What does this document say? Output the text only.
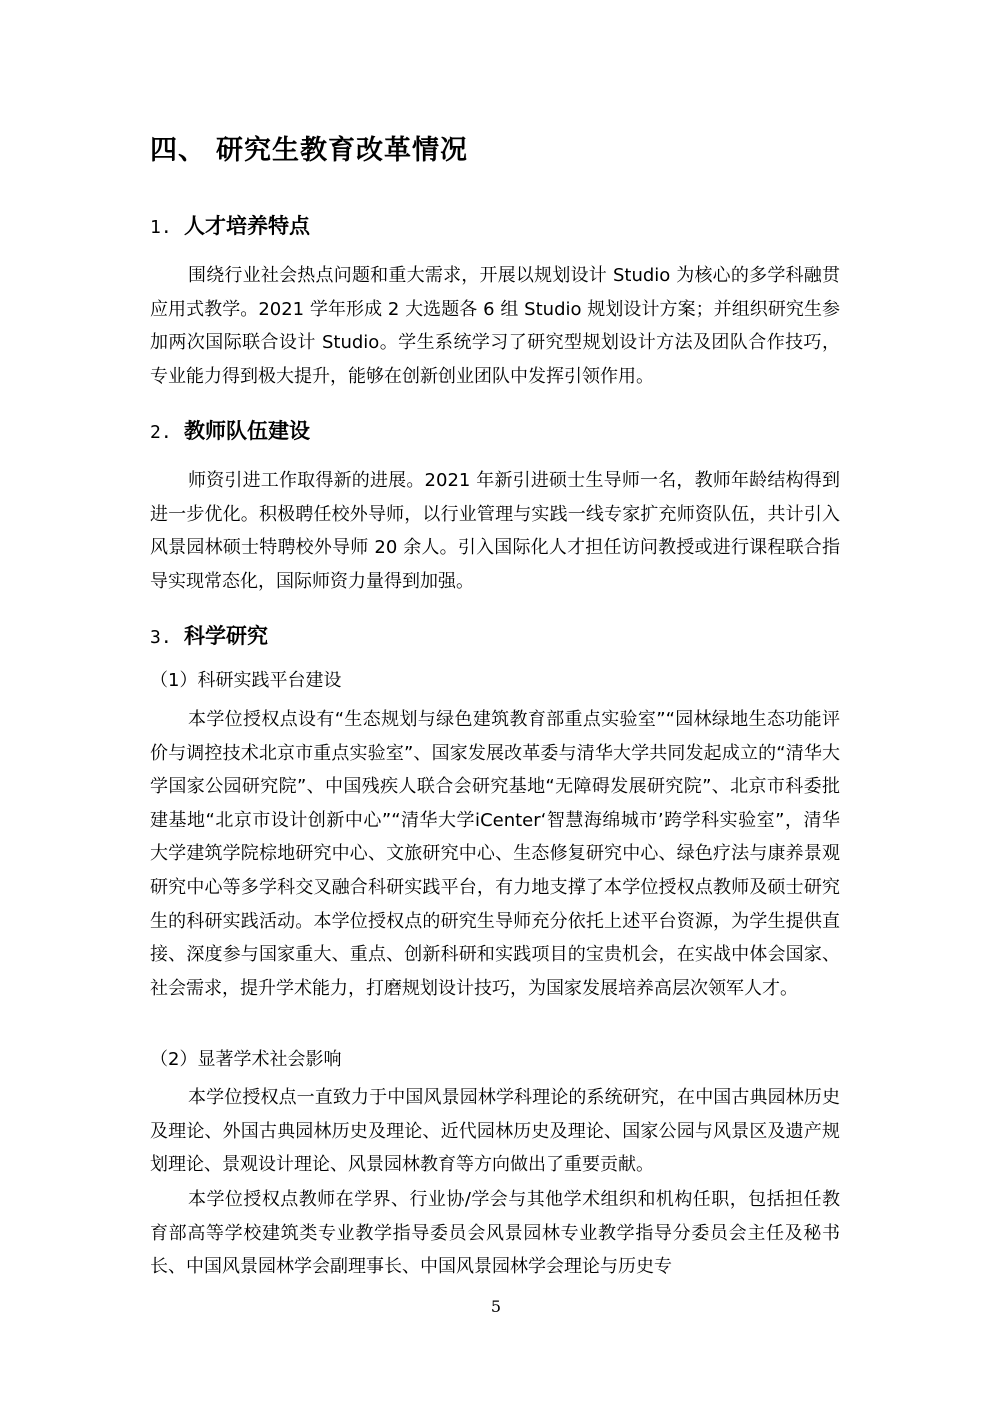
四、 研究生教育改革情况
1. 人才培养特点

围绕行业社会热点问题和重大需求，开展以规划设计 Studio 为核心的多学科融贯应用式教学。2021 学年形成 2 大选题各 6 组 Studio 规划设计方案；并组织研究生参加两次国际联合设计 Studio。学生系统学习了研究型规划设计方法及团队合作技巧，专业能力得到极大提升，能够在创新创业团队中发挥引领作用。

2. 教师队伍建设

师资引进工作取得新的进展。2021 年新引进硕士生导师一名，教师年龄结构得到进一步优化。积极聘任校外导师，以行业管理与实践一线专家扩充师资队伍，共计引入风景园林硕士特聘校外导师 20 余人。引入国际化人才担任访问教授或进行课程联合指导实现常态化，国际师资力量得到加强。

3. 科学研究
（1）科研实践平台建设

本学位授权点设有“生态规划与绿色建筑教育部重点实验室”“园林绿地生态功能评价与调控技术北京市重点实验室”、国家发展改革委与清华大学共同发起成立的“清华大学国家公园研究院”、中国残疾人联合会研究基地“无障碍发展研究院”、北京市科委批建基地“北京市设计创新中心”“清华大学iCenter‘智慧海绵城市’跨学科实验室”，清华大学建筑学院棕地研究中心、文旅研究中心、生态修复研究中心、绿色疗法与康养景观研究中心等多学科交叉融合科研实践平台，有力地支撑了本学位授权点教师及硕士研究生的科研实践活动。本学位授权点的研究生导师充分依托上述平台资源，为学生提供直接、深度参与国家重大、重点、创新科研和实践项目的宝贵机会，在实战中体会国家、社会需求，提升学术能力，打磨规划设计技巧，为国家发展培养高层次领军人才。

（2）显著学术社会影响

本学位授权点一直致力于中国风景园林学科理论的系统研究，在中国古典园林历史及理论、外国古典园林历史及理论、近代园林历史及理论、国家公园与风景区及遗产规划理论、景观设计理论、风景园林教育等方向做出了重要贡献。

本学位授权点教师在学界、行业协/学会与其他学术组织和机构任职，包括担任教育部高等学校建筑类专业教学指导委员会风景园林专业教学指导分委员会主任及秘书长、中国风景园林学会副理事长、中国风景园林学会理论与历史专

5
